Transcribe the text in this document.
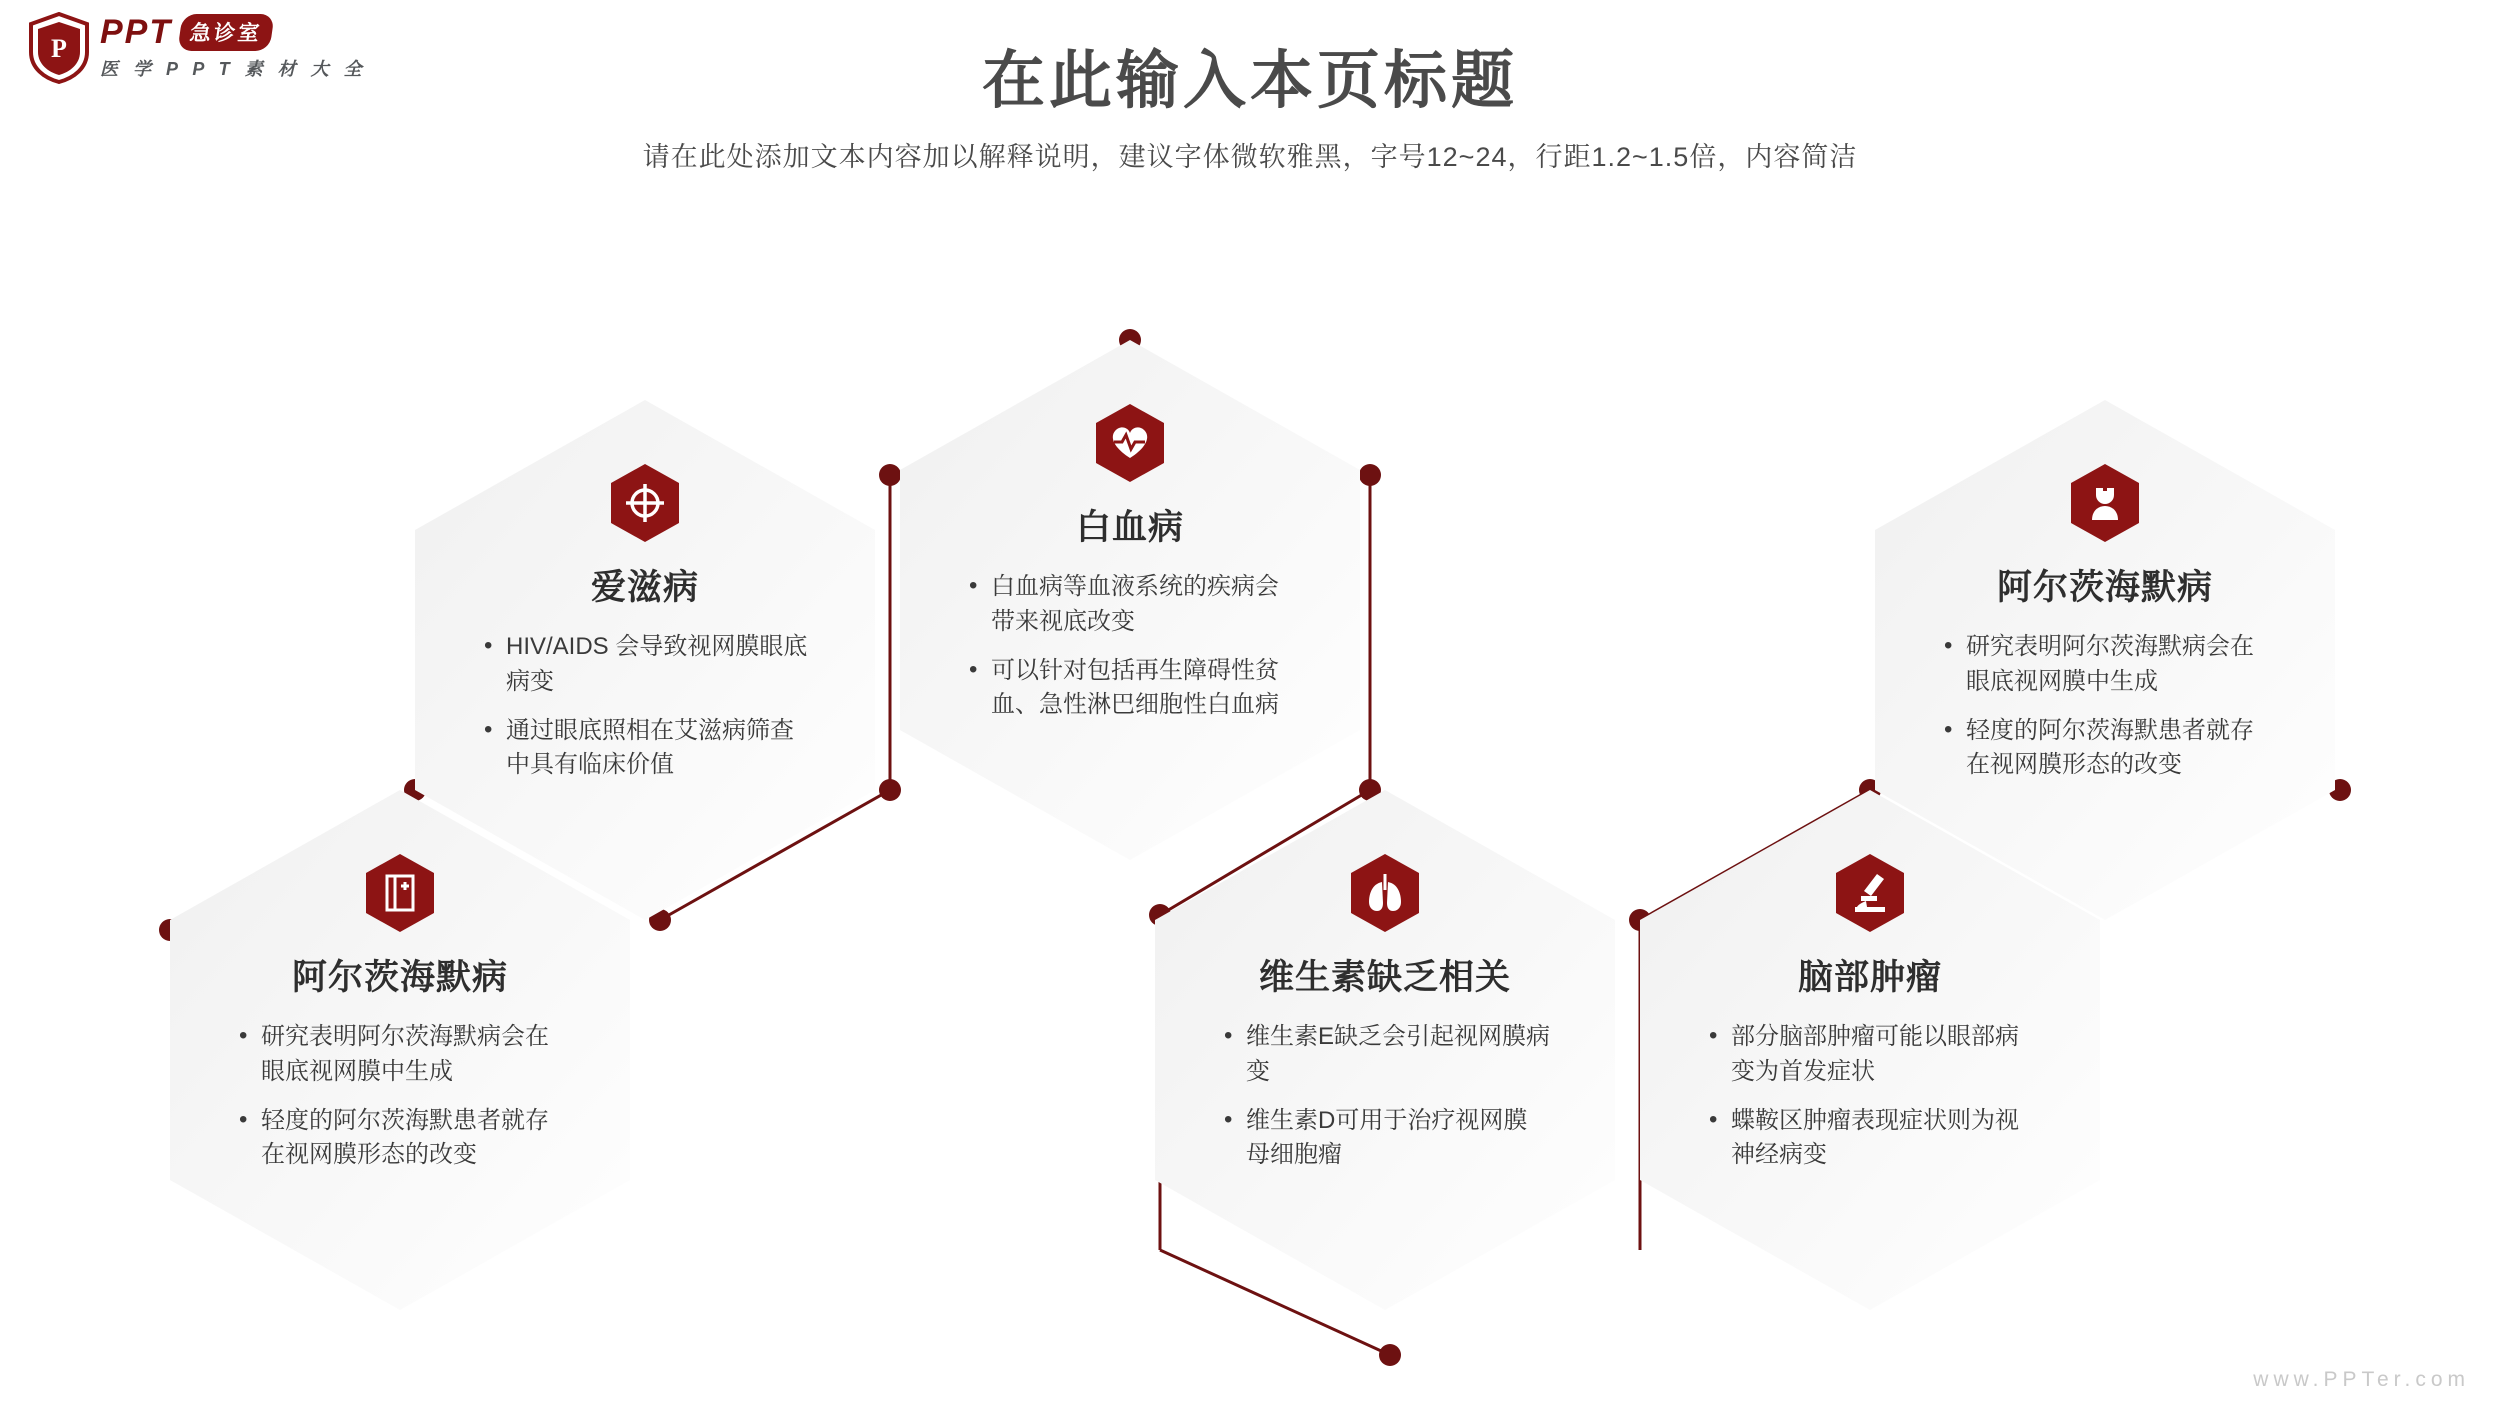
P PPT 急诊室
医 学 P P T 素 材 大 全	在此输入本页标题
请在此处添加文本内容加以解释说明，建议字体微软雅黑，字号12~24，行距1.2~1.5倍，内容简洁
爱滋病
• HIV/AIDS 会导致视网膜眼底病变
• 通过眼底照相在艾滋病筛查中具有临床价值
白血病
• 白血病等血液系统的疾病会带来视底改变
• 可以针对包括再生障碍性贫血、急性淋巴细胞性白血病
阿尔茨海默病
• 研究表明阿尔茨海默病会在眼底视网膜中生成
• 轻度的阿尔茨海默患者就存在视网膜形态的改变
阿尔茨海默病
• 研究表明阿尔茨海默病会在眼底视网膜中生成
• 轻度的阿尔茨海默患者就存在视网膜形态的改变
维生素缺乏相关
• 维生素E缺乏会引起视网膜病变
• 维生素D可用于治疗视网膜母细胞瘤
脑部肿瘤
• 部分脑部肿瘤可能以眼部病变为首发症状
• 蝶鞍区肿瘤表现症状则为视神经病变
www.PPTer.com
